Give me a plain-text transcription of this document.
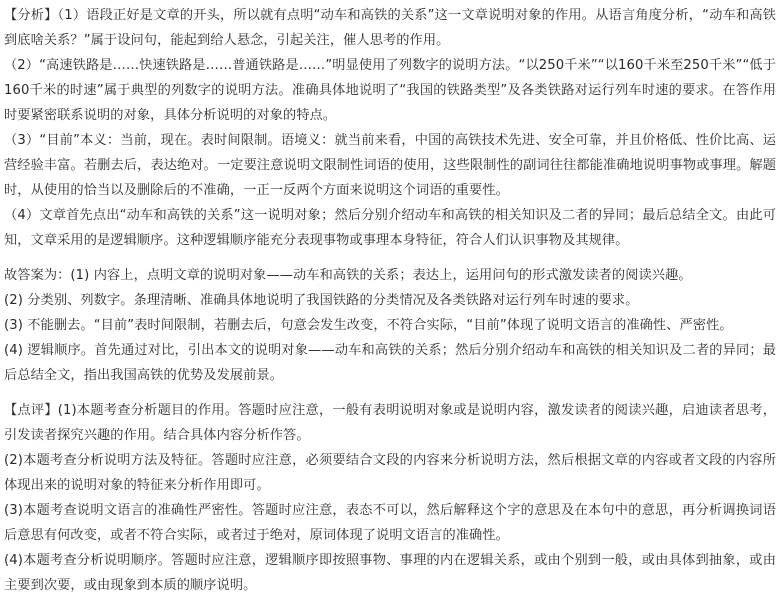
【分析】（1）语段正好是文章的开头，所以就有点明“动车和高铁的关系”这一文章说明对象的作用。从语言角度分析，“动车和高铁到底啥关系？”属于设问句，能起到给人悬念，引起关注，催人思考的作用。

（2）“高速铁路是……快速铁路是……普通铁路是……”明显使用了列数字的说明方法。“以250千米”“以160千米至250千米”“低于160千米的时速”属于典型的列数字的说明方法。准确具体地说明了“我国的铁路类型”及各类铁路对运行列车时速的要求。在答作用时要紧密联系说明的对象，具体分析说明的对象的特点。

（3）“目前”本义：当前，现在。表时间限制。语境义：就当前来看，中国的高铁技术先进、安全可靠，并且价格低、性价比高、运营经验丰富。若删去后，表达绝对。一定要注意说明文限制性词语的使用，这些限制性的副词往往都能准确地说明事物或事理。解题时，从使用的恰当以及删除后的不准确，一正一反两个方面来说明这个词语的重要性。

（4）文章首先点出“动车和高铁的关系”这一说明对象；然后分别介绍动车和高铁的相关知识及二者的异同；最后总结全文。由此可知，文章采用的是逻辑顺序。这种逻辑顺序能充分表现事物或事理本身特征，符合人们认识事物及其规律。

故答案为：(1) 内容上，点明文章的说明对象——动车和高铁的关系；表达上，运用问句的形式激发读者的阅读兴趣。

(2) 分类别、列数字。条理清晰、准确具体地说明了我国铁路的分类情况及各类铁路对运行列车时速的要求。

(3) 不能删去。“目前”表时间限制，若删去后，句意会发生改变，不符合实际，“目前”体现了说明文语言的准确性、严密性。

(4) 逻辑顺序。首先通过对比，引出本文的说明对象——动车和高铁的关系；然后分别介绍动车和高铁的相关知识及二者的异同；最后总结全文，指出我国高铁的优势及发展前景。

【点评】(1)本题考查分析题目的作用。答题时应注意，一般有表明说明对象或是说明内容，激发读者的阅读兴趣，启迪读者思考，引发读者探究兴趣的作用。结合具体内容分析作答。

(2)本题考查分析说明方法及特征。答题时应注意，必须要结合文段的内容来分析说明方法，然后根据文章的内容或者文段的内容所体现出来的说明对象的特征来分析作用即可。

(3)本题考查说明文语言的准确性严密性。答题时应注意，表态不可以，然后解释这个字的意思及在本句中的意思，再分析调换词语后意思有何改变，或者不符合实际，或者过于绝对，原词体现了说明文语言的准确性。

(4)本题考查分析说明顺序。答题时应注意，逻辑顺序即按照事物、事理的内在逻辑关系，或由个别到一般，或由具体到抽象，或由主要到次要，或由现象到本质的顺序说明。
